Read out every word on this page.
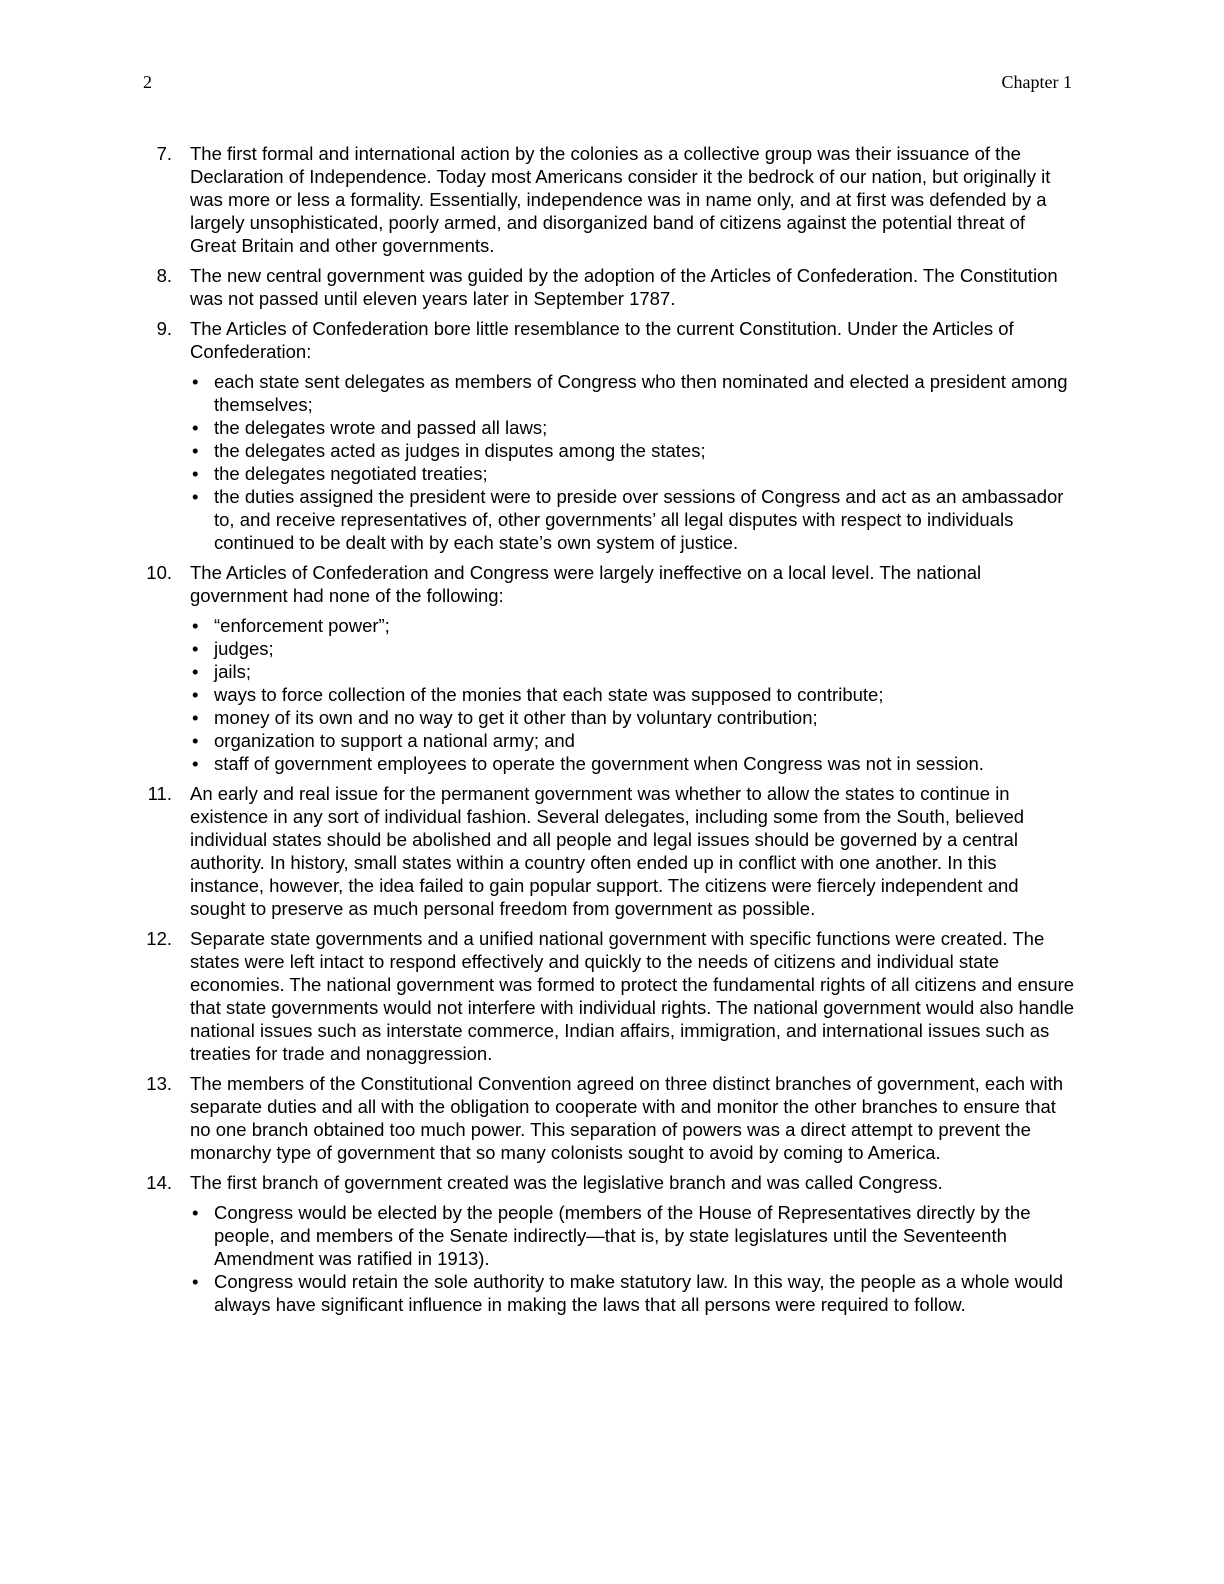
2	Chapter 1
7. The first formal and international action by the colonies as a collective group was their issuance of the Declaration of Independence. Today most Americans consider it the bedrock of our nation, but originally it was more or less a formality. Essentially, independence was in name only, and at first was defended by a largely unsophisticated, poorly armed, and disorganized band of citizens against the potential threat of Great Britain and other governments.
8. The new central government was guided by the adoption of the Articles of Confederation. The Constitution was not passed until eleven years later in September 1787.
9. The Articles of Confederation bore little resemblance to the current Constitution. Under the Articles of Confederation:
• each state sent delegates as members of Congress who then nominated and elected a president among themselves;
• the delegates wrote and passed all laws;
• the delegates acted as judges in disputes among the states;
• the delegates negotiated treaties;
• the duties assigned the president were to preside over sessions of Congress and act as an ambassador to, and receive representatives of, other governments’ all legal disputes with respect to individuals continued to be dealt with by each state’s own system of justice.
10. The Articles of Confederation and Congress were largely ineffective on a local level. The national government had none of the following:
• “enforcement power”;
• judges;
• jails;
• ways to force collection of the monies that each state was supposed to contribute;
• money of its own and no way to get it other than by voluntary contribution;
• organization to support a national army; and
• staff of government employees to operate the government when Congress was not in session.
11. An early and real issue for the permanent government was whether to allow the states to continue in existence in any sort of individual fashion. Several delegates, including some from the South, believed individual states should be abolished and all people and legal issues should be governed by a central authority. In history, small states within a country often ended up in conflict with one another. In this instance, however, the idea failed to gain popular support. The citizens were fiercely independent and sought to preserve as much personal freedom from government as possible.
12. Separate state governments and a unified national government with specific functions were created. The states were left intact to respond effectively and quickly to the needs of citizens and individual state economies. The national government was formed to protect the fundamental rights of all citizens and ensure that state governments would not interfere with individual rights. The national government would also handle national issues such as interstate commerce, Indian affairs, immigration, and international issues such as treaties for trade and nonaggression.
13. The members of the Constitutional Convention agreed on three distinct branches of government, each with separate duties and all with the obligation to cooperate with and monitor the other branches to ensure that no one branch obtained too much power. This separation of powers was a direct attempt to prevent the monarchy type of government that so many colonists sought to avoid by coming to America.
14. The first branch of government created was the legislative branch and was called Congress.
• Congress would be elected by the people (members of the House of Representatives directly by the people, and members of the Senate indirectly—that is, by state legislatures until the Seventeenth Amendment was ratified in 1913).
• Congress would retain the sole authority to make statutory law. In this way, the people as a whole would always have significant influence in making the laws that all persons were required to follow.
